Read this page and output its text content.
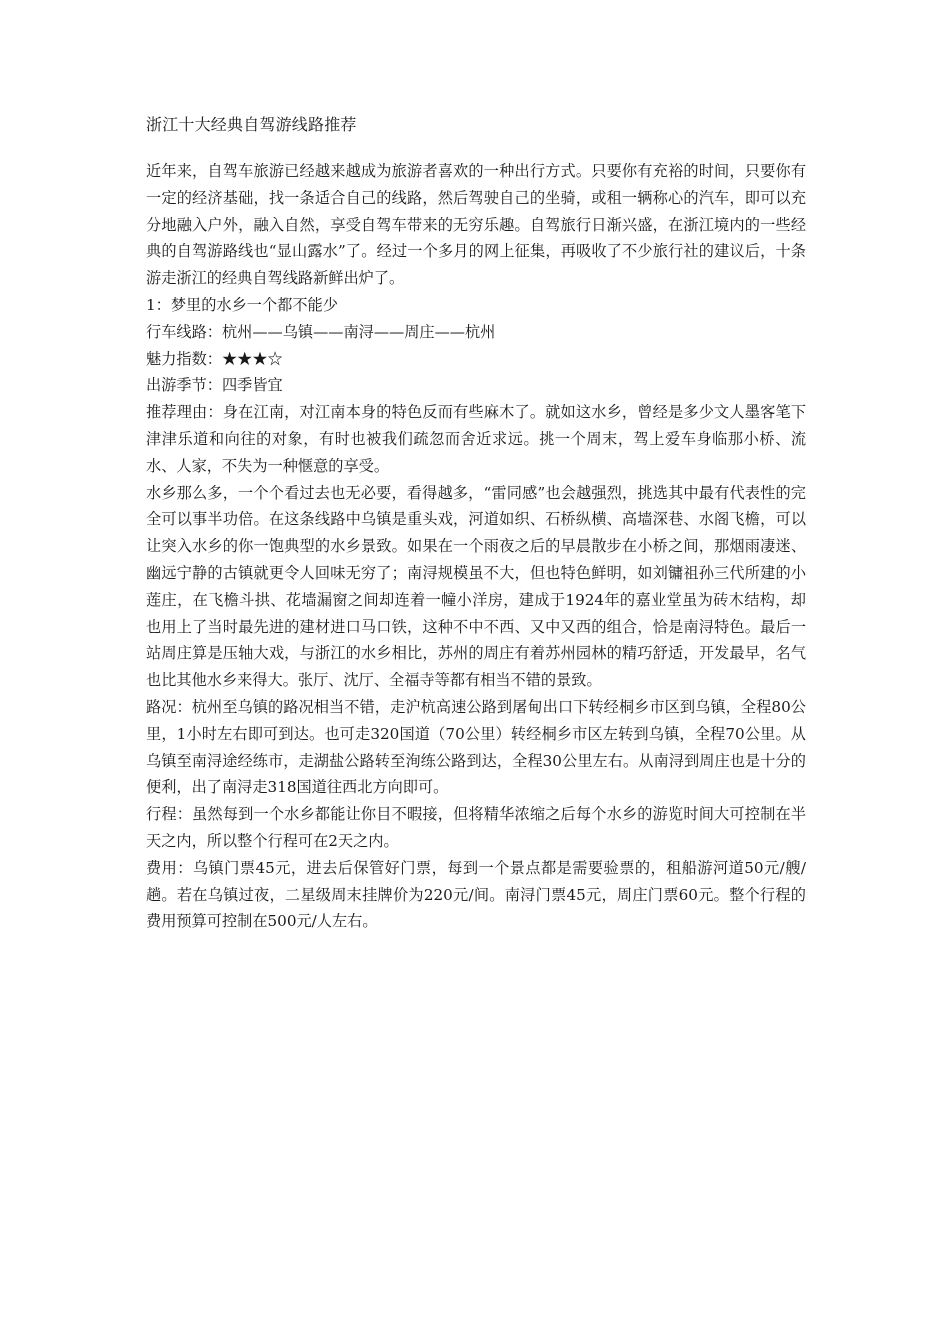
浙江十大经典自驾游线路推荐

近年来，自驾车旅游已经越来越成为旅游者喜欢的一种出行方式。只要你有充裕的时间，只要你有一定的经济基础，找一条适合自己的线路，然后驾驶自己的坐骑，或租一辆称心的汽车，即可以充分地融入户外，融入自然，享受自驾车带来的无穷乐趣。自驾旅行日渐兴盛，在浙江境内的一些经典的自驾游路线也“显山露水”了。经过一个多月的网上征集，再吸收了不少旅行社的建议后，十条游走浙江的经典自驾线路新鲜出炉了。

1：梦里的水乡一个都不能少

行车线路：杭州——乌镇——南浔——周庄——杭州

魅力指数：★★★☆

出游季节：四季皆宜

推荐理由：身在江南，对江南本身的特色反而有些麻木了。就如这水乡，曾经是多少文人墨客笔下津津乐道和向往的对象，有时也被我们疏忽而舍近求远。挑一个周末，驾上爱车身临那小桥、流水、人家，不失为一种惬意的享受。

水乡那么多，一个个看过去也无必要，看得越多，“雷同感”也会越强烈，挑选其中最有代表性的完全可以事半功倍。在这条线路中乌镇是重头戏，河道如织、石桥纵横、高墙深巷、水阁飞檐，可以让突入水乡的你一饱典型的水乡景致。如果在一个雨夜之后的早晨散步在小桥之间，那烟雨凄迷、幽远宁静的古镇就更令人回味无穷了；南浔规模虽不大，但也特色鲜明，如刘镛祖孙三代所建的小莲庄，在飞檐斗拱、花墙漏窗之间却连着一幢小洋房，建成于1924年的嘉业堂虽为砖木结构，却也用上了当时最先进的建材进口马口铁，这种不中不西、又中又西的组合，恰是南浔特色。最后一站周庄算是压轴大戏，与浙江的水乡相比，苏州的周庄有着苏州园林的精巧舒适，开发最早，名气也比其他水乡来得大。张厅、沈厅、全福寺等都有相当不错的景致。

路况：杭州至乌镇的路况相当不错，走沪杭高速公路到屠甸出口下转经桐乡市区到乌镇，全程80公里，1小时左右即可到达。也可走320国道（70公里）转经桐乡市区左转到乌镇，全程70公里。从乌镇至南浔途经练市，走湖盐公路转至洵练公路到达，全程30公里左右。从南浔到周庄也是十分的便利，出了南浔走318国道往西北方向即可。

行程：虽然每到一个水乡都能让你目不暇接，但将精华浓缩之后每个水乡的游览时间大可控制在半天之内，所以整个行程可在2天之内。

费用：乌镇门票45元，进去后保管好门票，每到一个景点都是需要验票的，租船游河道50元/艘/趟。若在乌镇过夜，二星级周末挂牌价为220元/间。南浔门票45元，周庄门票60元。整个行程的费用预算可控制在500元/人左右。
